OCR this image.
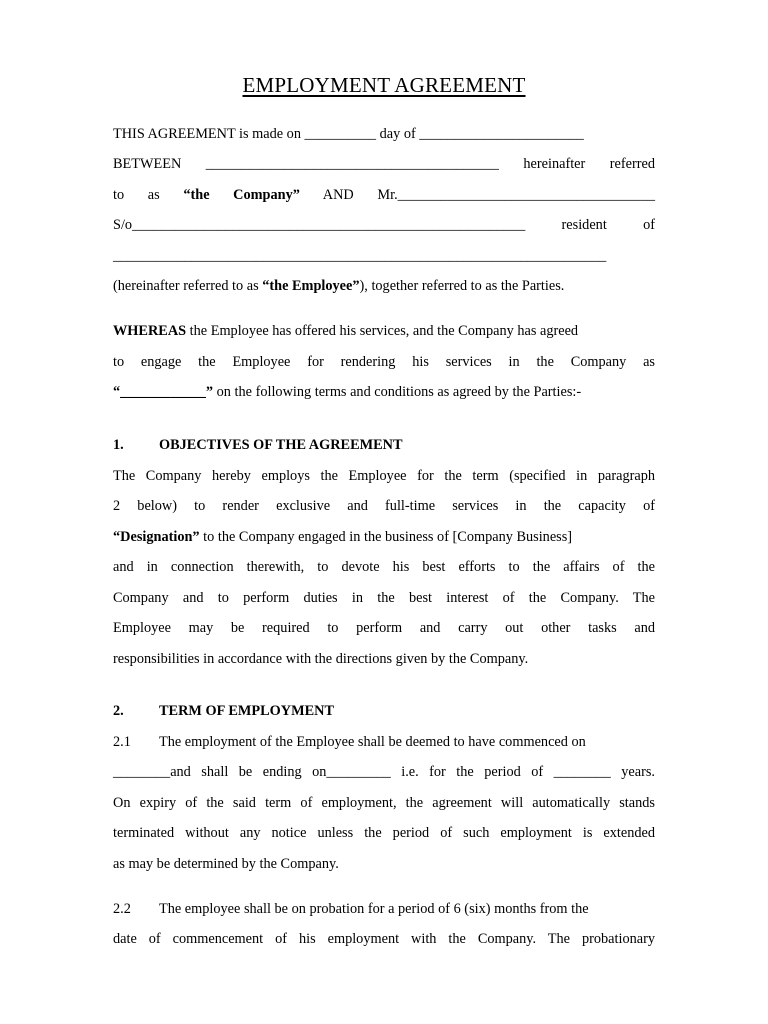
EMPLOYMENT AGREEMENT
THIS AGREEMENT is made on __________ day of _______________________
BETWEEN _________________________________________ hereinafter referred
to as “the Company” AND Mr.____________________________________
S/o_______________________________________________________	resident	of
_____________________________________________________________________
(hereinafter referred to as “the Employee”), together referred to as the Parties.
WHEREAS the Employee has offered his services, and the Company has agreed
to engage the Employee for rendering his services in the Company as
“____________” on the following terms and conditions as agreed by the Parties:-
1. OBJECTIVES OF THE AGREEMENT
The Company hereby employs the Employee for the term (specified in paragraph
2 below) to render exclusive and full-time services in the capacity of
“Designation” to the Company engaged in the business of [Company Business]
and in connection therewith, to devote his best efforts to the affairs of the
Company and to perform duties in the best interest of the Company. The
Employee may be required to perform and carry out other tasks and
responsibilities in accordance with the directions given by the Company.
2. TERM OF EMPLOYMENT
2.1 The employment of the Employee shall be deemed to have commenced on
________and shall be ending on_________ i.e. for the period of ________ years.
On expiry of the said term of employment, the agreement will automatically stands
terminated without any notice unless the period of such employment is extended
as may be determined by the Company.
2.2 The employee shall be on probation for a period of 6 (six) months from the
date of commencement of his employment with the Company. The probationary
